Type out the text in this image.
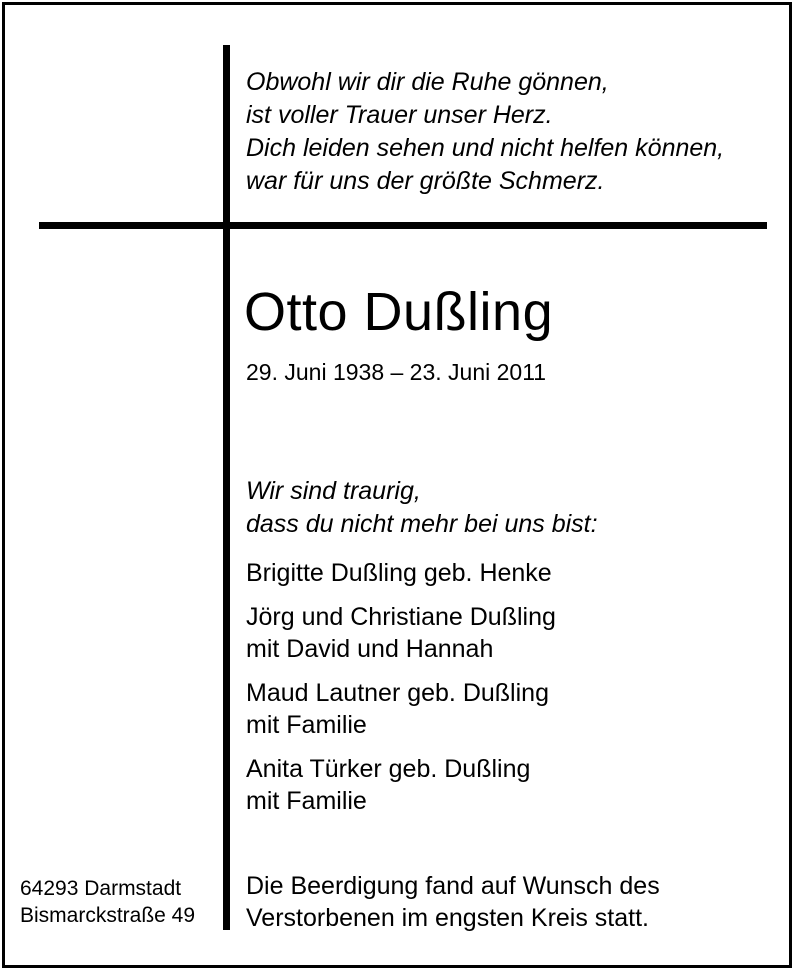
Obwohl wir dir die Ruhe gönnen,
ist voller Trauer unser Herz.
Dich leiden sehen und nicht helfen können,
war für uns der größte Schmerz.

Otto Dußling
29. Juni 1938 – 23. Juni 2011
Wir sind traurig,
dass du nicht mehr bei uns bist:
Brigitte Dußling geb. Henke
Jörg und Christiane Dußling
mit David und Hannah
Maud Lautner geb. Dußling
mit Familie
Anita Türker geb. Dußling
mit Familie
64293 Darmstadt
Bismarckstraße 49
Die Beerdigung fand auf Wunsch des
Verstorbenen im engsten Kreis statt.
